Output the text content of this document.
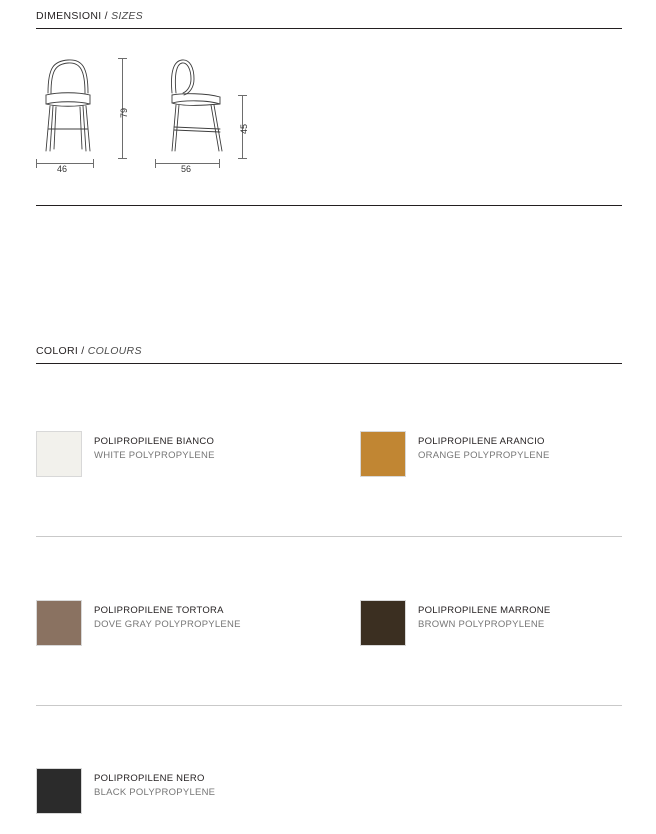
DIMENSIONI / SIZES
79
46
45
56
COLORI / COLOURS
POLIPROPILENE BIANCO
WHITE POLYPROPYLENE
POLIPROPILENE ARANCIO
ORANGE POLYPROPYLENE
POLIPROPILENE TORTORA
DOVE GRAY POLYPROPYLENE
POLIPROPILENE MARRONE
BROWN POLYPROPYLENE
POLIPROPILENE NERO
BLACK POLYPROPYLENE
